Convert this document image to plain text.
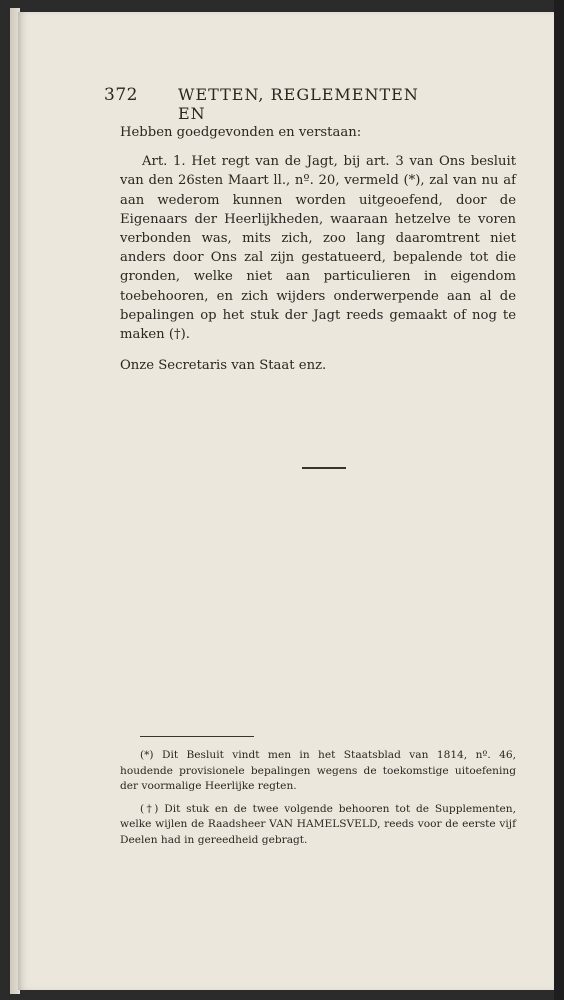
372	WETTEN, REGLEMENTEN EN

Hebben goedgevonden en verstaan:

Art. 1. Het regt van de Jagt, bij art. 3 van Ons besluit van den 26sten Maart ll., nº. 20, vermeld (*), zal van nu af aan wederom kunnen worden uitgeoefend, door de Eigenaars der Heerlijkheden, waaraan hetzelve te voren verbonden was, mits zich, zoo lang daaromtrent niet anders door Ons zal zijn gestatueerd, bepalende tot die gronden, welke niet aan particulieren in eigendom toebehooren, en zich wijders onderwerpende aan al de bepalingen op het stuk der Jagt reeds gemaakt of nog te maken (†).

Onze Secretaris van Staat enz.

(*) Dit Besluit vindt men in het Staatsblad van 1814, nº. 46, houdende provisionele bepalingen wegens de toekomstige uitoefening der voormalige Heerlijke regten.

(†) Dit stuk en de twee volgende behooren tot de Supplementen, welke wijlen de Raadsheer VAN HAMELSVELD, reeds voor de eerste vijf Deelen had in gereedheid gebragt.
